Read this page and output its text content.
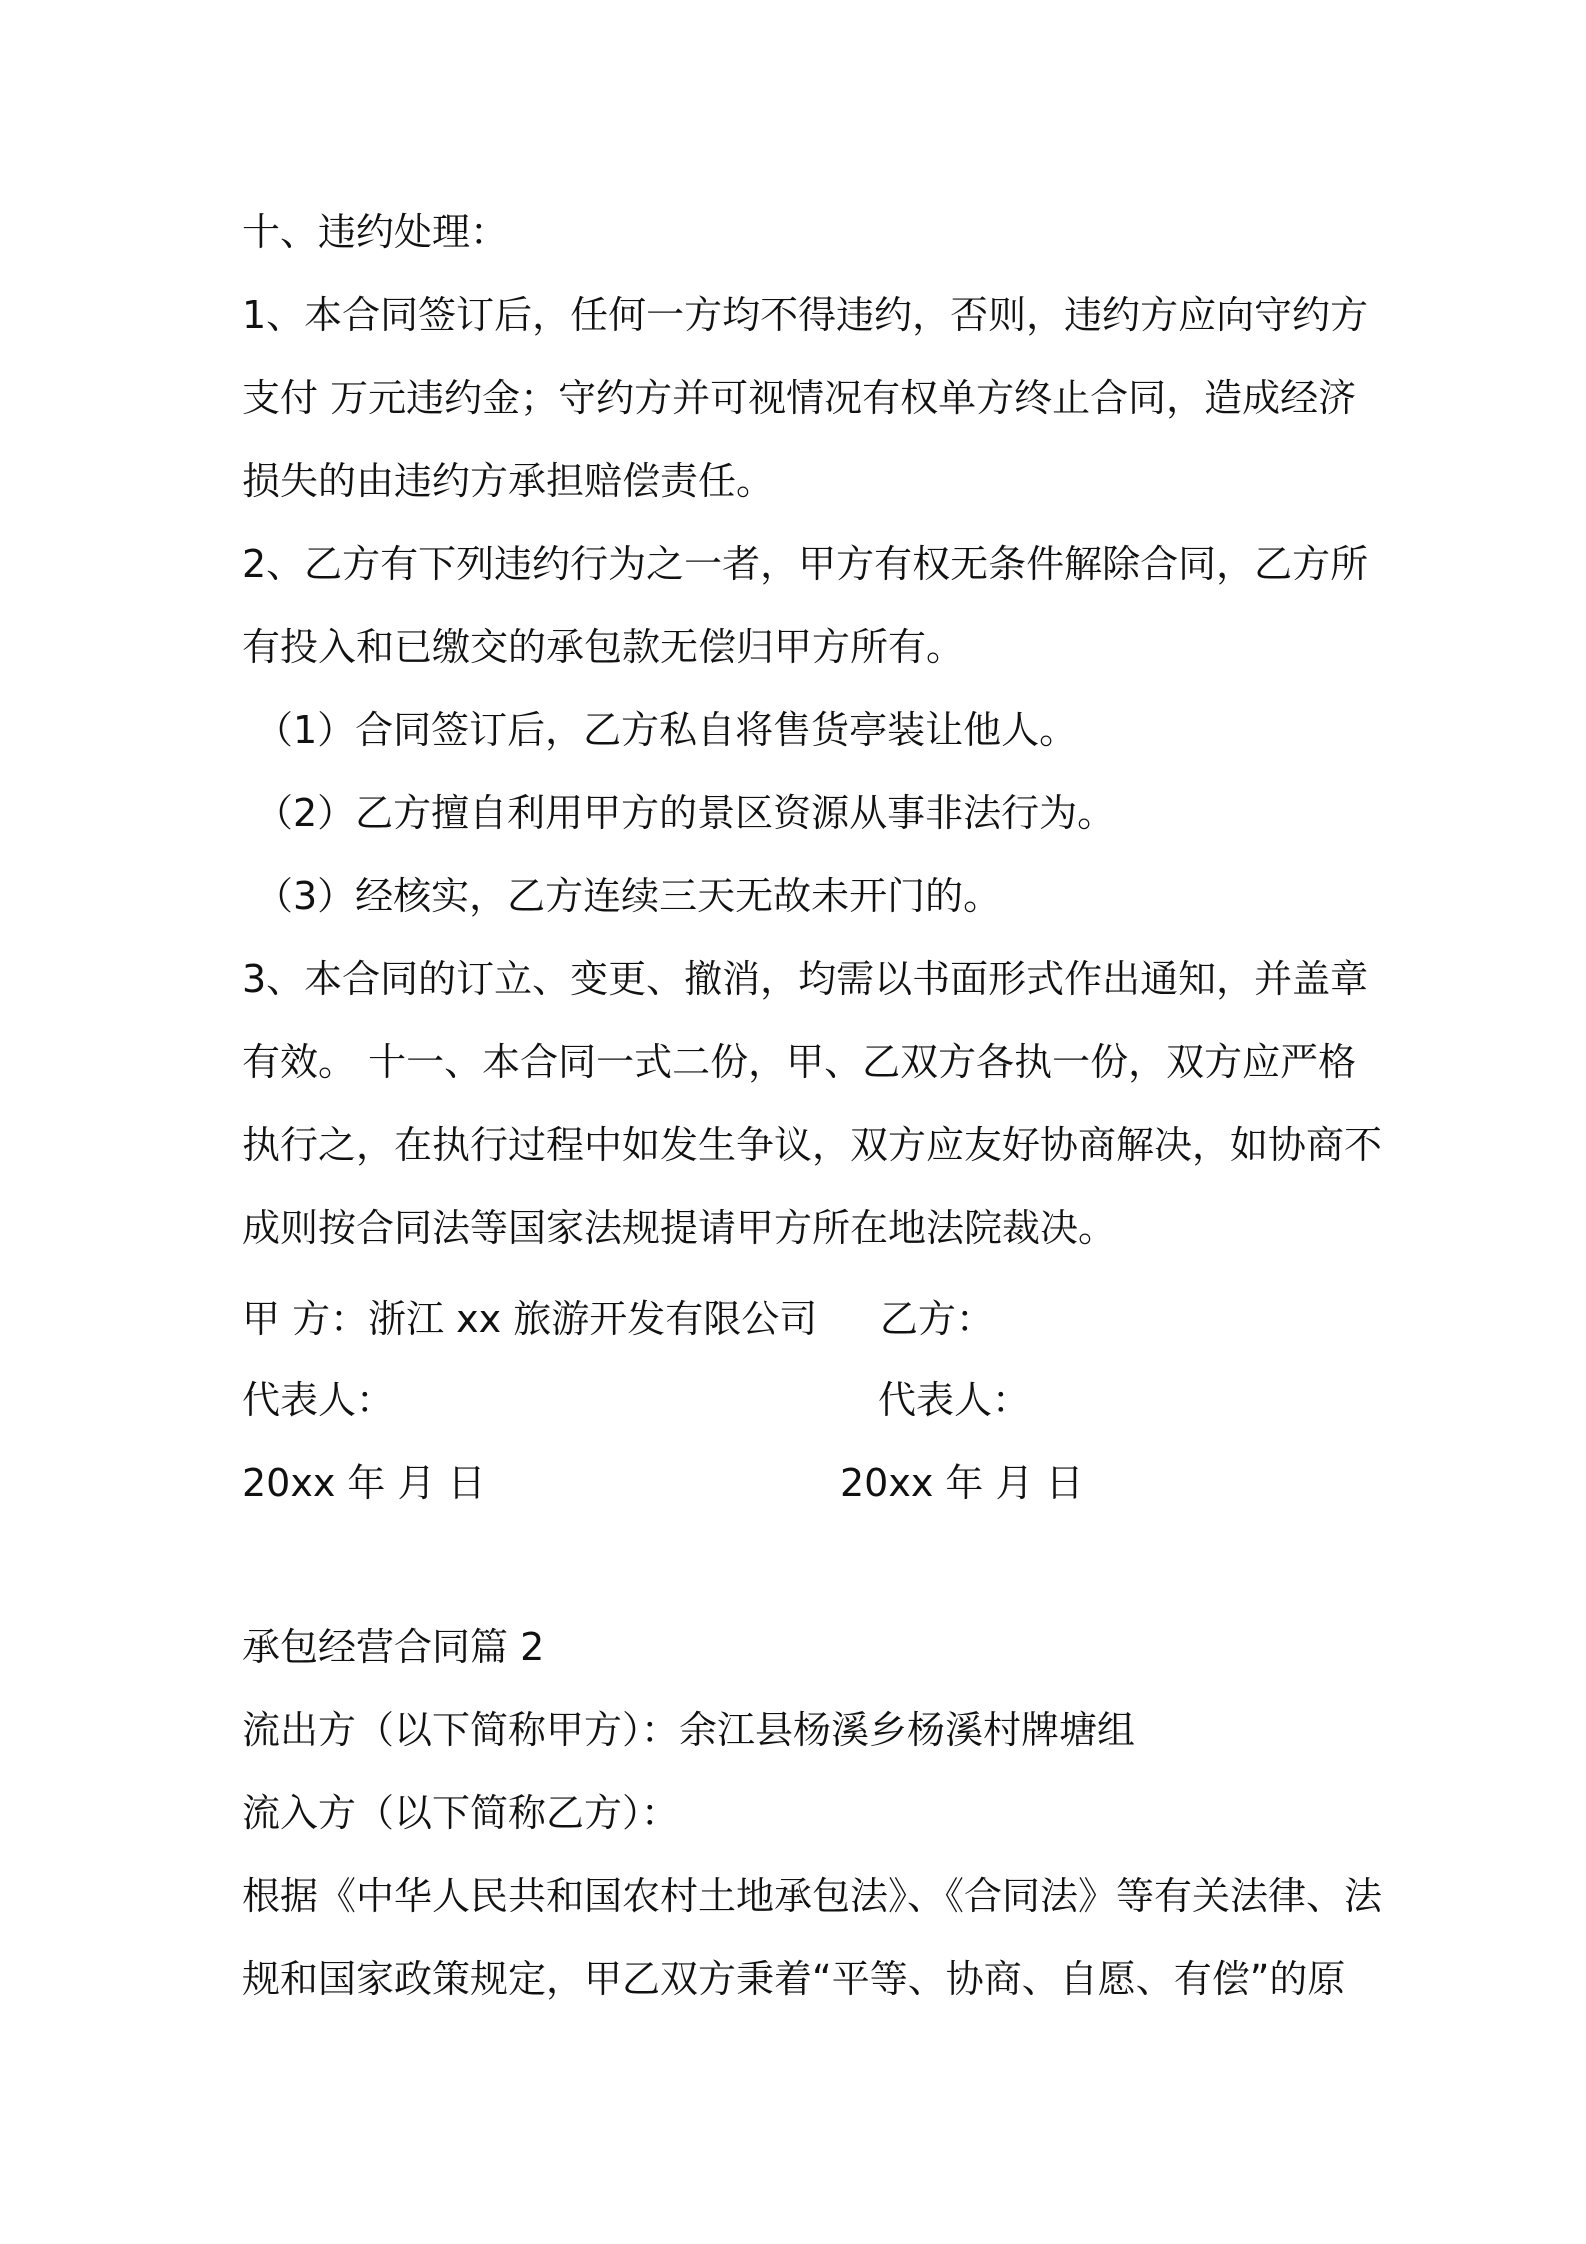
十、违约处理：

1、本合同签订后，任何一方均不得违约，否则，违约方应向守约方

支付 万元违约金；守约方并可视情况有权单方终止合同，造成经济

损失的由违约方承担赔偿责任。

2、乙方有下列违约行为之一者，甲方有权无条件解除合同，乙方所

有投入和已缴交的承包款无偿归甲方所有。

（1）合同签订后，乙方私自将售货亭装让他人。

（2）乙方擅自利用甲方的景区资源从事非法行为。

（3）经核实，乙方连续三天无故未开门的。

3、本合同的订立、变更、撤消，均需以书面形式作出通知，并盖章

有效。 十一、本合同一式二份，甲、乙双方各执一份，双方应严格

执行之，在执行过程中如发生争议，双方应友好协商解决，如协商不

成则按合同法等国家法规提请甲方所在地法院裁决。

甲 方：浙江 xx 旅游开发有限公司 乙方：

代表人：	代表人：

20xx 年 月 日	20xx 年 月 日

承包经营合同篇 2

流出方（以下简称甲方）：余江县杨溪乡杨溪村牌塘组

流入方（以下简称乙方）：

根据《中华人民共和国农村土地承包法》、《合同法》等有关法律、法

规和国家政策规定，甲乙双方秉着“平等、协商、自愿、有偿”的原
